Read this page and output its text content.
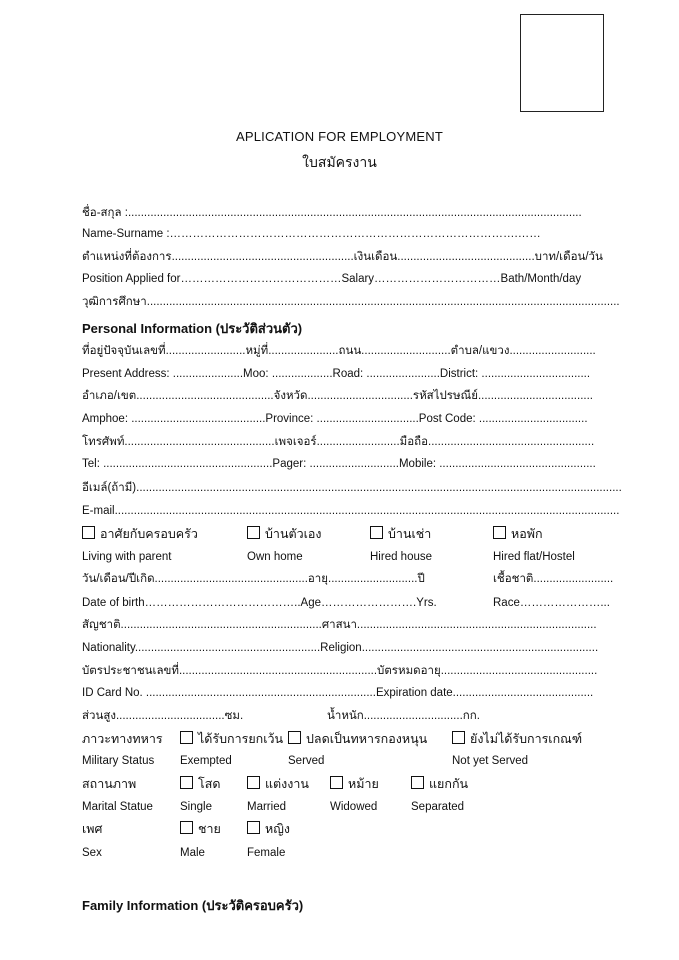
APLICATION FOR EMPLOYMENT
ใบสมัครงาน
ชื่อ-สกุล :..............................................................................................................................................
Name-Surname :……………………………………………………………………………….……
ตำแหน่งที่ต้องการ.........................................................เงินเดือน...........................................บาท/เดือน/วัน
Position Applied for……………………………………Salary……………………………Bath/Month/day
วุฒิการศึกษา....................................................................................................................................................
Personal Information (ประวัติส่วนตัว)
ที่อยู่ปัจจุบันเลขที่.........................หมู่ที่......................ถนน............................ตำบล/แขวง...........................
Present Address: ......................Moo: ...................Road: .......................District: ..................................
อำเภอ/เขต...........................................จังหวัด.................................รหัสไปรษณีย์....................................
Amphoe: ..........................................Province: ................................Post Code: ..................................
โทรศัพท์...............................................เพจเจอร์..........................มือถือ....................................................
Tel: .....................................................Pager: ............................Mobile: .................................................
อีเมล์(ถ้ามี)........................................................................................................................................................
E-mail..............................................................................................................................................................
อาศัยกับครอบครัว	บ้านตัวเอง	บ้านเช่า	หอพัก
Living with parent	Own home	Hired house	Hired flat/Hostel
วัน/เดือน/ปีเกิด................................................อายุ............................ปี	เชื้อชาติ.........................
Date of birth…………………………………..Age…………………….Yrs.	Race…………………...
สัญชาติ...............................................................ศาสนา...........................................................................
Nationality..........................................................Religion..........................................................................
บัตรประชาชนเลขที่..............................................................บัตรหมดอายุ.................................................
ID Card No. ........................................................................Expiration date............................................
ส่วนสูง..................................ซม.	น้ำหนัก...............................กก.
ภาวะทางทหาร	ได้รับการยกเว้น	ปลดเป็นทหารกองหนุน	ยังไม่ได้รับการเกณฑ์
Military Status Exempted	Served	Not yet Served
สถานภาพ	โสด	แต่งงาน	หม้าย	แยกกัน
Marital Statue Single	Married	Widowed	Separated
เพศ	ชาย	หญิง
Sex	Male	Female
Family Information (ประวัติครอบครัว)
